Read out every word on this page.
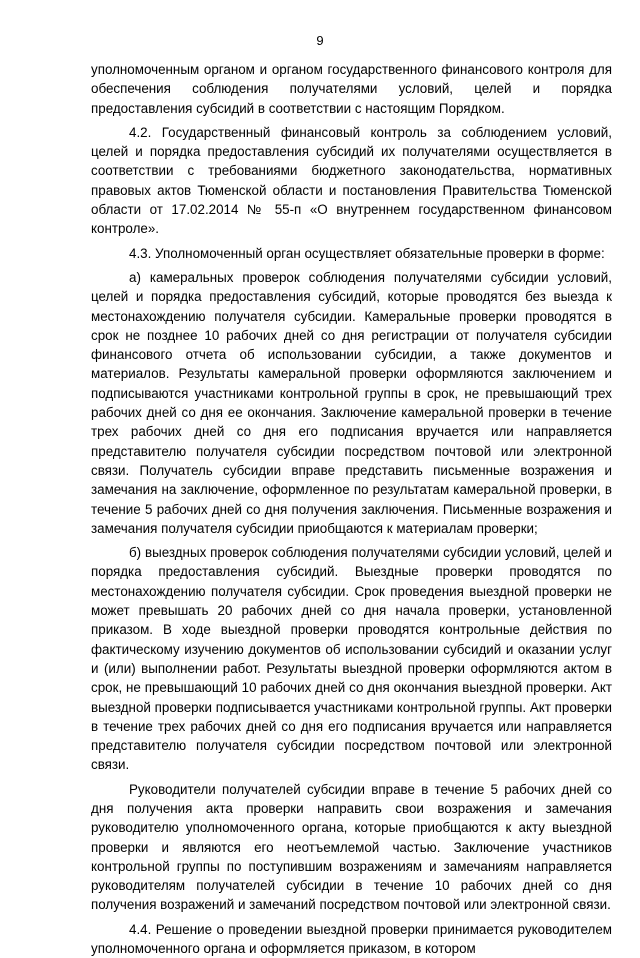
9

уполномоченным органом и органом государственного финансового контроля для обеспечения соблюдения получателями условий, целей и порядка предоставления субсидий в соответствии с настоящим Порядком.

4.2. Государственный финансовый контроль за соблюдением условий, целей и порядка предоставления субсидий их получателями осуществляется в соответствии с требованиями бюджетного законодательства, нормативных правовых актов Тюменской области и постановления Правительства Тюменской области от 17.02.2014 № 55-п «О внутреннем государственном финансовом контроле».

4.3. Уполномоченный орган осуществляет обязательные проверки в форме:

а) камеральных проверок соблюдения получателями субсидии условий, целей и порядка предоставления субсидий, которые проводятся без выезда к местонахождению получателя субсидии. Камеральные проверки проводятся в срок не позднее 10 рабочих дней со дня регистрации от получателя субсидии финансового отчета об использовании субсидии, а также документов и материалов. Результаты камеральной проверки оформляются заключением и подписываются участниками контрольной группы в срок, не превышающий трех рабочих дней со дня ее окончания. Заключение камеральной проверки в течение трех рабочих дней со дня его подписания вручается или направляется представителю получателя субсидии посредством почтовой или электронной связи. Получатель субсидии вправе представить письменные возражения и замечания на заключение, оформленное по результатам камеральной проверки, в течение 5 рабочих дней со дня получения заключения. Письменные возражения и замечания получателя субсидии приобщаются к материалам проверки;

б) выездных проверок соблюдения получателями субсидии условий, целей и порядка предоставления субсидий. Выездные проверки проводятся по местонахождению получателя субсидии. Срок проведения выездной проверки не может превышать 20 рабочих дней со дня начала проверки, установленной приказом. В ходе выездной проверки проводятся контрольные действия по фактическому изучению документов об использовании субсидий и оказании услуг и (или) выполнении работ. Результаты выездной проверки оформляются актом в срок, не превышающий 10 рабочих дней со дня окончания выездной проверки. Акт выездной проверки подписывается участниками контрольной группы. Акт проверки в течение трех рабочих дней со дня его подписания вручается или направляется представителю получателя субсидии посредством почтовой или электронной связи.

Руководители получателей субсидии вправе в течение 5 рабочих дней со дня получения акта проверки направить свои возражения и замечания руководителю уполномоченного органа, которые приобщаются к акту выездной проверки и являются его неотъемлемой частью. Заключение участников контрольной группы по поступившим возражениям и замечаниям направляется руководителям получателей субсидии в течение 10 рабочих дней со дня получения возражений и замечаний посредством почтовой или электронной связи.

4.4. Решение о проведении выездной проверки принимается руководителем уполномоченного органа и оформляется приказом, в котором
